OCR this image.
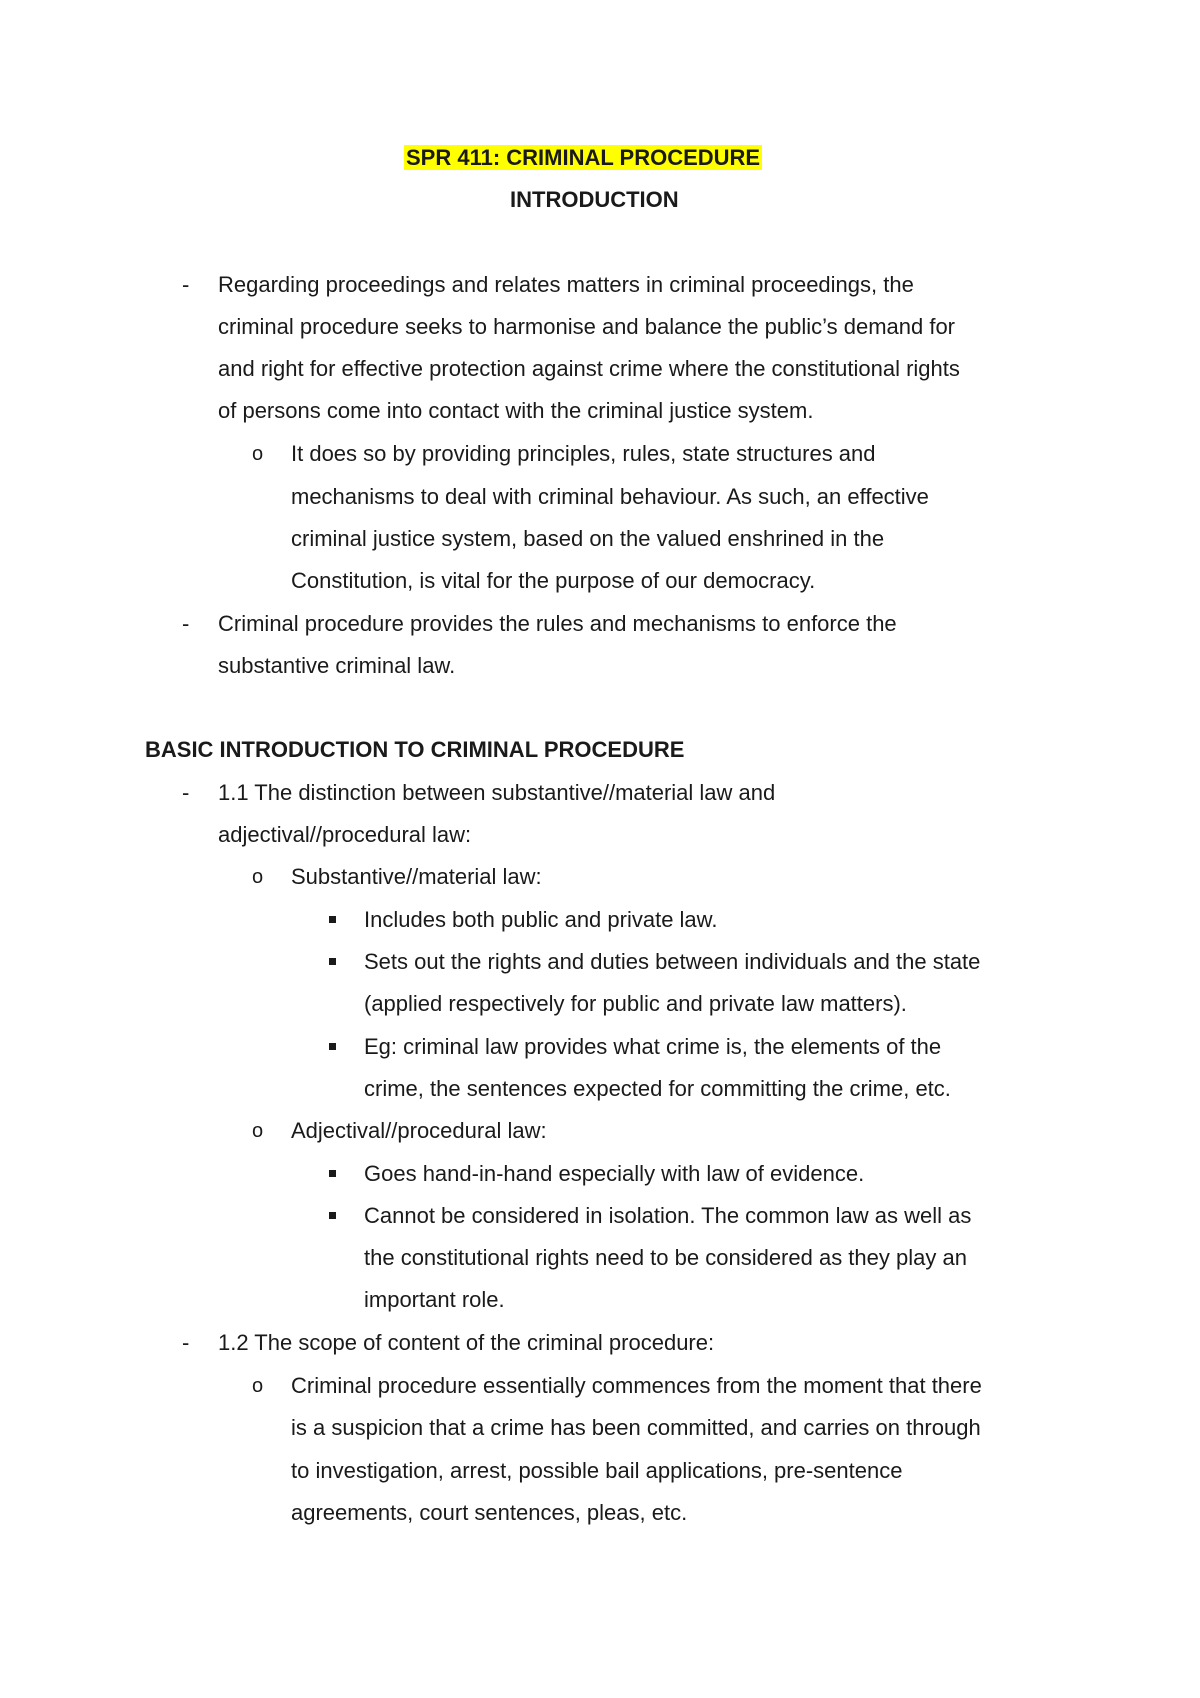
SPR 411: CRIMINAL PROCEDURE
INTRODUCTION
- Regarding proceedings and relates matters in criminal proceedings, the
criminal procedure seeks to harmonise and balance the public’s demand for
and right for effective protection against crime where the constitutional rights
of persons come into contact with the criminal justice system.
o It does so by providing principles, rules, state structures and
mechanisms to deal with criminal behaviour. As such, an effective
criminal justice system, based on the valued enshrined in the
Constitution, is vital for the purpose of our democracy.
- Criminal procedure provides the rules and mechanisms to enforce the
substantive criminal law.
BASIC INTRODUCTION TO CRIMINAL PROCEDURE
- 1.1 The distinction between substantive//material law and
adjectival//procedural law:
o Substantive//material law:
Includes both public and private law.
Sets out the rights and duties between individuals and the state
(applied respectively for public and private law matters).
Eg: criminal law provides what crime is, the elements of the
crime, the sentences expected for committing the crime, etc.
o Adjectival//procedural law:
Goes hand-in-hand especially with law of evidence.
Cannot be considered in isolation. The common law as well as
the constitutional rights need to be considered as they play an
important role.
- 1.2 The scope of content of the criminal procedure:
o Criminal procedure essentially commences from the moment that there
is a suspicion that a crime has been committed, and carries on through
to investigation, arrest, possible bail applications, pre-sentence
agreements, court sentences, pleas, etc.
